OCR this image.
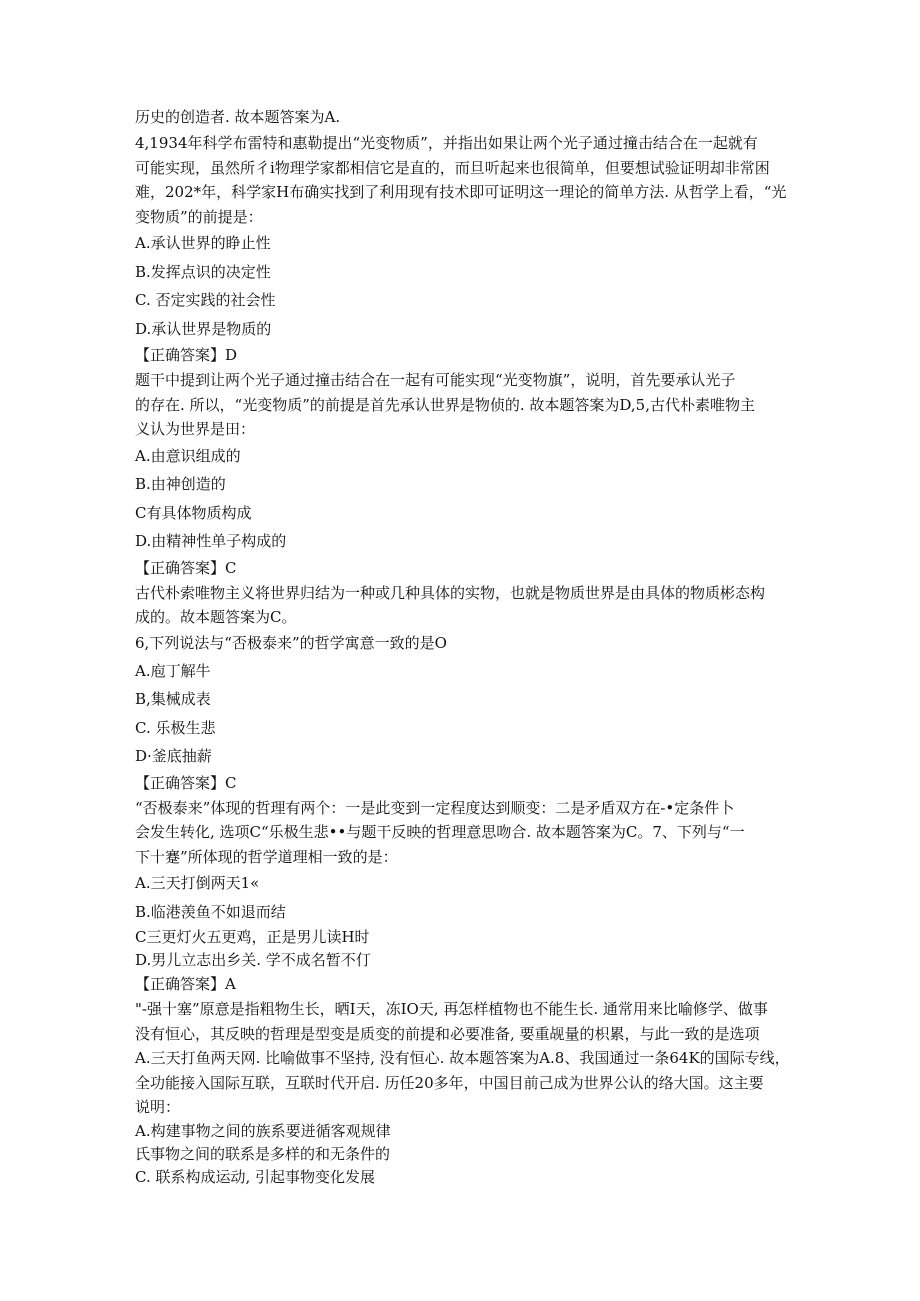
历史的创造者. 故本题答案为A.

4,1934年科学布雷特和惠勒提出“光变物质”，并指出如果让两个光子通过撞击结合在一起就有

可能实现，虽然所彳i物理学家都相信它是直的，而旦听起来也很简单，但要想试验证明却非常困

难，202*年，科学家H布确实找到了利用现有技术即可证明这一理论的简单方法. 从哲学上看，“光

变物质”的前提是：

A.承认世界的睁止性

B.发挥点识的决定性

C. 否定实践的社会性

D.承认世界是物质的

【正确答案】D

题干中提到让两个光子通过撞击结合在一起有可能实现“光变物旗”，说明，首先要承认光子

的存在. 所以，“光变物质”的前提是首先承认世界是物侦的. 故本题答案为D,5,古代朴素唯物主

义认为世界是田：

A.由意识组成的

B.由神创造的

C有具体物质构成

D.由精神性单子构成的

【正确答案】C

古代朴索唯物主义将世界归结为一种或几种具体的实物，也就是物质世界是由具体的物质彬态构

成的。故本题答案为C。

6,下列说法与“否极泰来”的哲学寓意一致的是O

A.庖丁解牛

B,集械成表

C. 乐极生悲

D·釜底抽薪

【正确答案】C

“否极泰来”体现的哲理有两个：一是此变到一定程度达到顺变：二是矛盾双方在-•定条件卜

会发生转化, 选项C“乐极生悲••与题干反映的哲理意思吻合. 故本题答案为C。7、下列与“一

下十蹇”所体现的哲学道理相一致的是：

A.三天打倒两天1«

B.临港羡鱼不如退而结

C三更灯火五更鸡，正是男儿读H时

D.男儿立志出乡关. 学不成名暂不仃

【正确答案】A

"-强十塞”原意是指粗物生长，晒I天，冻IO天, 再怎样植物也不能生长. 通常用来比喻修学、做事

没有恒心，其反映的哲理是型变是质变的前提和必要准备, 要重觇量的枳累，与此一致的是选项

A.三天打鱼两天网. 比喻做事不坚持, 没有恒心. 故本题答案为A.8、我国通过一条64K的国际专线，

全功能接入国际互联，互联时代开启. 历任20多年，中国目前己成为世界公认的络大国。这主要

说明：

A.构建事物之间的族系要迸循客观规律

氏事物之间的联系是多样的和无条件的

C. 联系构成运动, 引起事物变化发展
